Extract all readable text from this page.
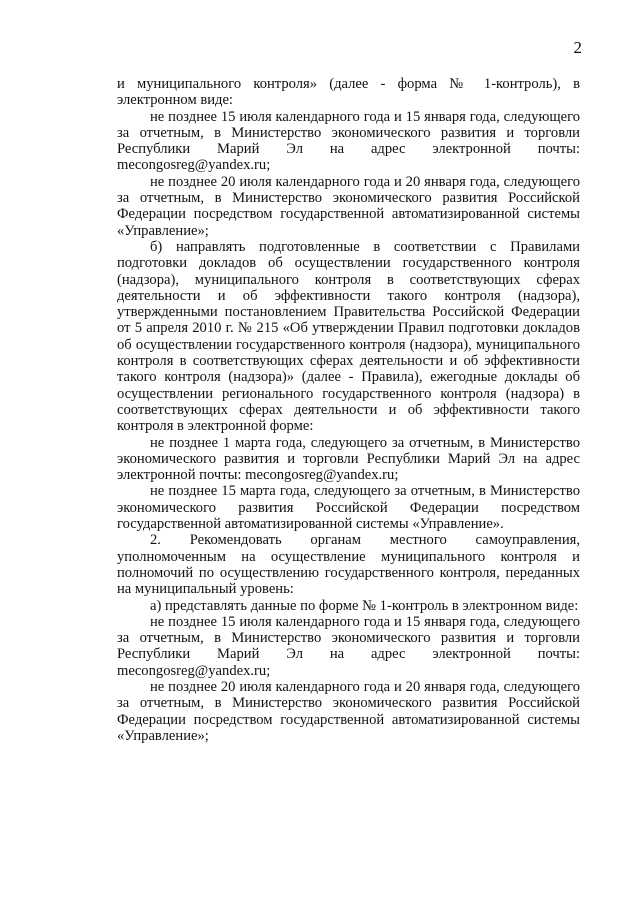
2

и муниципального контроля» (далее - форма № 1-контроль), в электронном виде:

не позднее 15 июля календарного года и 15 января года, следующего за отчетным, в Министерство экономического развития и торговли Республики Марий Эл на адрес электронной почты: mecongosreg@yandex.ru;

не позднее 20 июля календарного года и 20 января года, следующего за отчетным, в Министерство экономического развития Российской Федерации посредством государственной автоматизированной системы «Управление»;

б) направлять подготовленные в соответствии с Правилами подготовки докладов об осуществлении государственного контроля (надзора), муниципального контроля в соответствующих сферах деятельности и об эффективности такого контроля (надзора), утвержденными постановлением Правительства Российской Федерации от 5 апреля 2010 г. № 215 «Об утверждении Правил подготовки докладов об осуществлении государственного контроля (надзора), муниципального контроля в соответствующих сферах деятельности и об эффективности такого контроля (надзора)» (далее - Правила), ежегодные доклады об осуществлении регионального государственного контроля (надзора) в соответствующих сферах деятельности и об эффективности такого контроля в электронной форме:

не позднее 1 марта года, следующего за отчетным, в Министерство экономического развития и торговли Республики Марий Эл на адрес электронной почты: mecongosreg@yandex.ru;

не позднее 15 марта года, следующего за отчетным, в Министерство экономического развития Российской Федерации посредством государственной автоматизированной системы «Управление».

2. Рекомендовать органам местного самоуправления, уполномоченным на осуществление муниципального контроля и полномочий по осуществлению государственного контроля, переданных на муниципальный уровень:

а) представлять данные по форме № 1-контроль в электронном виде:

не позднее 15 июля календарного года и 15 января года, следующего за отчетным, в Министерство экономического развития и торговли Республики Марий Эл на адрес электронной почты: mecongosreg@yandex.ru;

не позднее 20 июля календарного года и 20 января года, следующего за отчетным, в Министерство экономического развития Российской Федерации посредством государственной автоматизированной системы «Управление»;
